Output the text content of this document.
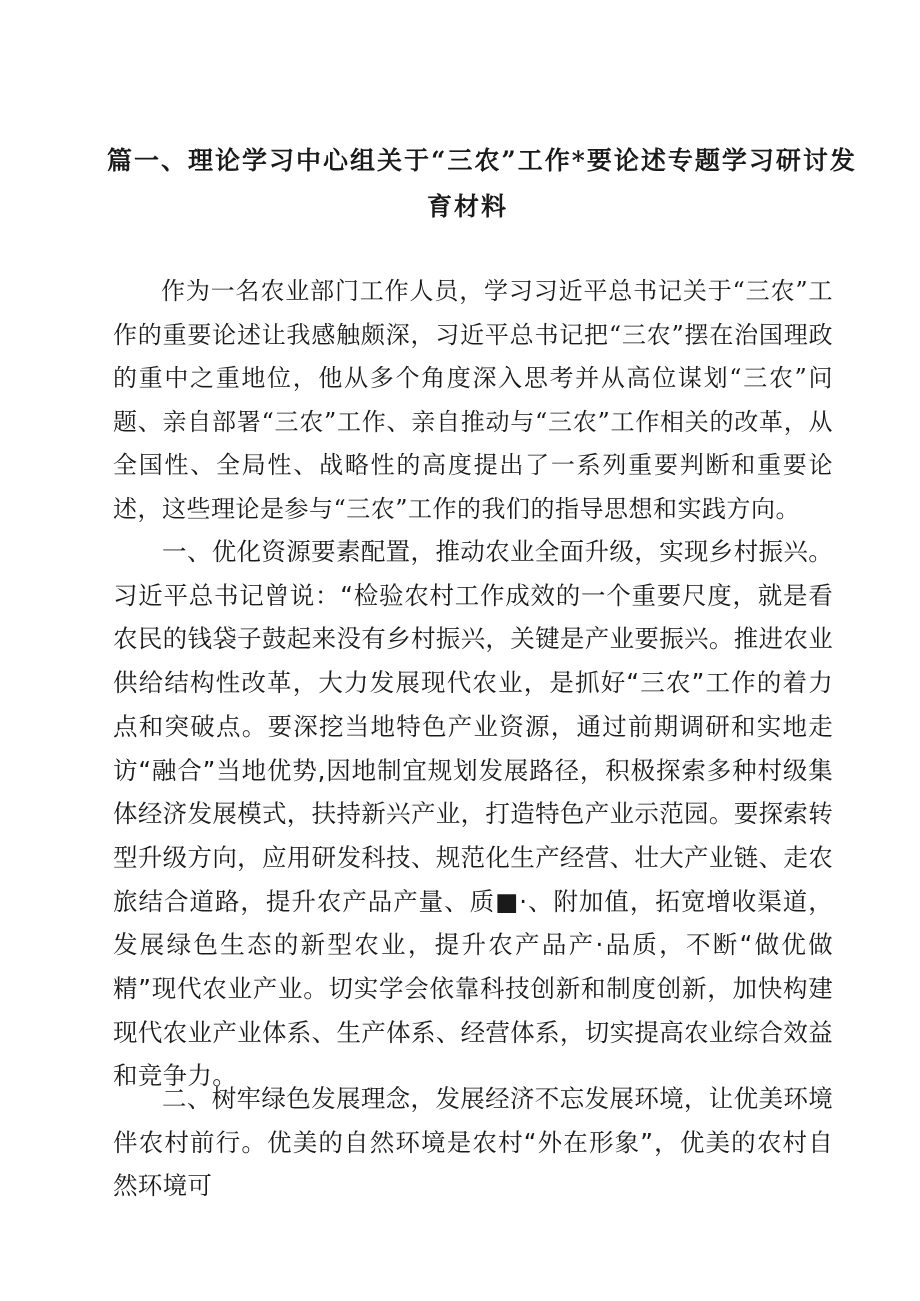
篇一、理论学习中心组关于“三农”工作*要论述专题学习研讨发
育材料

作为一名农业部门工作人员，学习习近平总书记关于“三农”工作的重要论述让我感触颇深，习近平总书记把“三农”摆在治国理政的重中之重地位，他从多个角度深入思考并从高位谋划“三农”问题、亲自部署“三农”工作、亲自推动与“三农”工作相关的改革，从全国性、全局性、战略性的高度提出了一系列重要判断和重要论述，这些理论是参与“三农”工作的我们的指导思想和实践方向。

一、优化资源要素配置，推动农业全面升级，实现乡村振兴。习近平总书记曾说：“检验农村工作成效的一个重要尺度，就是看农民的钱袋子鼓起来没有乡村振兴，关键是产业要振兴。推进农业供给结构性改革，大力发展现代农业，是抓好“三农”工作的着力点和突破点。要深挖当地特色产业资源，通过前期调研和实地走访“融合”当地优势,因地制宜规划发展路径，积极探索多种村级集体经济发展模式，扶持新兴产业，打造特色产业示范园。要探索转型升级方向，应用研发科技、规范化生产经营、壮大产业链、走农旅结合道路，提升农产品产量、质■·、附加值，拓宽增收渠道，发展绿色生态的新型农业，提升农产品产·品质，不断“做优做精”现代农业产业。切实学会依靠科技创新和制度创新，加快构建现代农业产业体系、生产体系、经营体系，切实提高农业综合效益和竞争力。

二、树牢绿色发展理念，发展经济不忘发展环境，让优美环境伴农村前行。优美的自然环境是农村“外在形象”，优美的农村自然环境可
